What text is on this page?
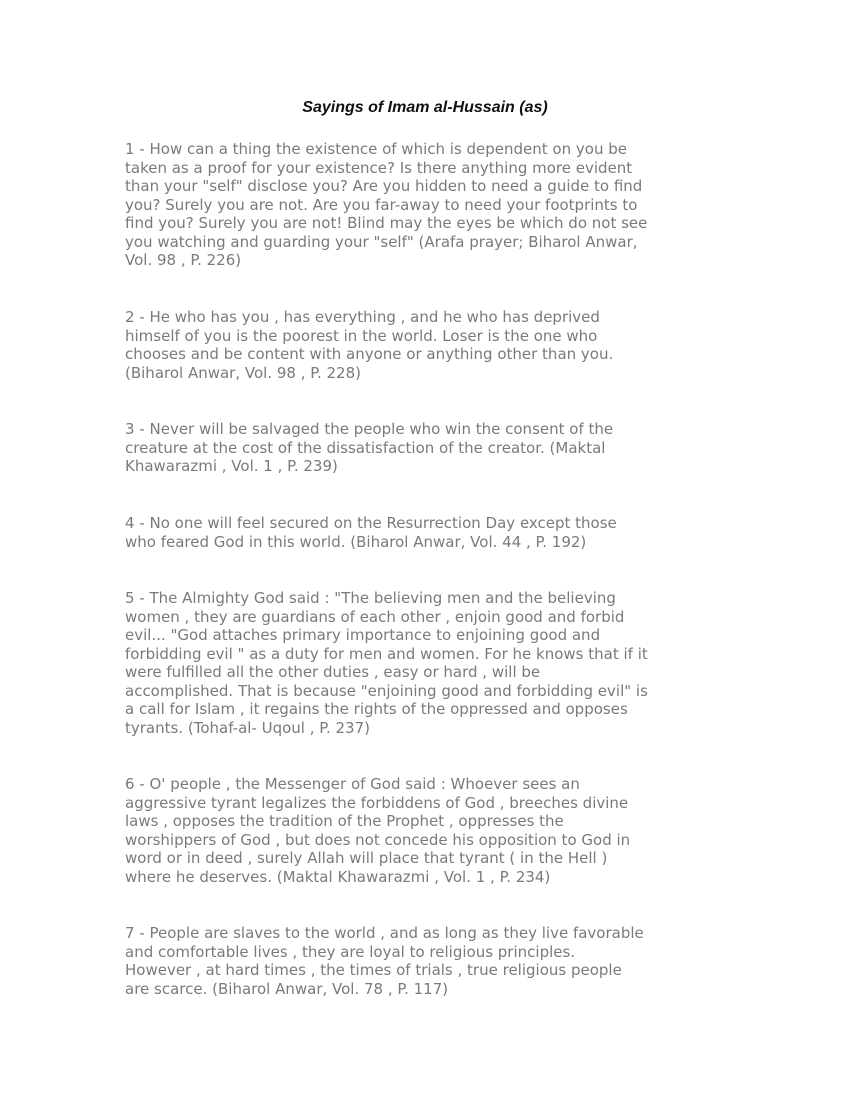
Sayings of Imam al-Hussain (as)

1 - How can a thing the existence of which is dependent on you be
taken as a proof for your existence? Is there anything more evident
than your "self" disclose you? Are you hidden to need a guide to find
you? Surely you are not. Are you far-away to need your footprints to
find you? Surely you are not! Blind may the eyes be which do not see
you watching and guarding your "self" (Arafa prayer; Biharol Anwar,
Vol. 98 , P. 226)

2 - He who has you , has everything , and he who has deprived
himself of you is the poorest in the world. Loser is the one who
chooses and be content with anyone or anything other than you.
(Biharol Anwar, Vol. 98 , P. 228)

3 - Never will be salvaged the people who win the consent of the
creature at the cost of the dissatisfaction of the creator. (Maktal
Khawarazmi , Vol. 1 , P. 239)

4 - No one will feel secured on the Resurrection Day except those
who feared God in this world. (Biharol Anwar, Vol. 44 , P. 192)

5 - The Almighty God said : "The believing men and the believing
women , they are guardians of each other , enjoin good and forbid
evil... "God attaches primary importance to enjoining good and
forbidding evil " as a duty for men and women. For he knows that if it
were fulfilled all the other duties , easy or hard , will be
accomplished. That is because "enjoining good and forbidding evil" is
a call for Islam , it regains the rights of the oppressed and opposes
tyrants. (Tohaf-al- Uqoul , P. 237)

6 - O' people , the Messenger of God said : Whoever sees an
aggressive tyrant legalizes the forbiddens of God , breeches divine
laws , opposes the tradition of the Prophet , oppresses the
worshippers of God , but does not concede his opposition to God in
word or in deed , surely Allah will place that tyrant ( in the Hell )
where he deserves. (Maktal Khawarazmi , Vol. 1 , P. 234)

7 - People are slaves to the world , and as long as they live favorable
and comfortable lives , they are loyal to religious principles.
However , at hard times , the times of trials , true religious people
are scarce. (Biharol Anwar, Vol. 78 , P. 117)
